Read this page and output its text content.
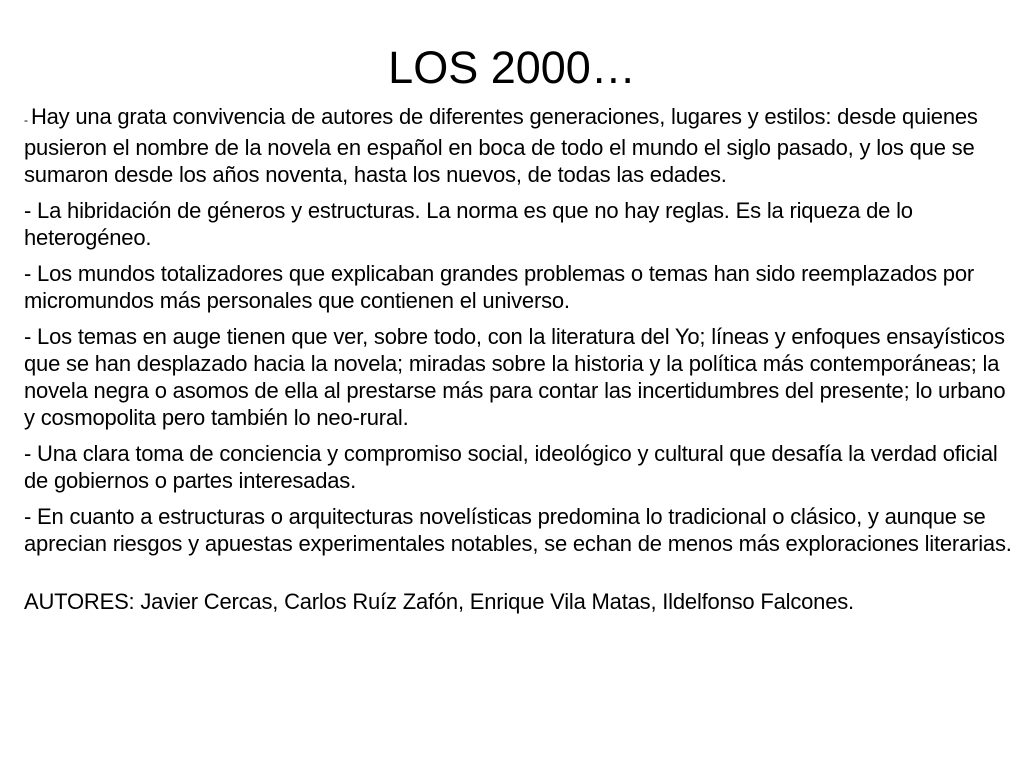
LOS 2000…

- Hay una grata convivencia de autores de diferentes generaciones, lugares y estilos: desde quienes pusieron el nombre de la novela en español en boca de todo el mundo el siglo pasado, y los que se sumaron desde los años noventa, hasta los nuevos, de todas las edades.

- La hibridación de géneros y estructuras. La norma es que no hay reglas. Es la riqueza de lo heterogéneo.

- Los mundos totalizadores que explicaban grandes problemas o temas han sido reemplazados por micromundos más personales que contienen el universo.

- Los temas en auge tienen que ver, sobre todo, con la literatura del Yo; líneas y enfoques ensayísticos que se han desplazado hacia la novela; miradas sobre la historia y la política más contemporáneas; la novela negra o asomos de ella al prestarse más para contar las incertidumbres del presente; lo urbano y cosmopolita pero también lo neo-rural.

- Una clara toma de conciencia y compromiso social, ideológico y cultural que desafía la verdad oficial de gobiernos o partes interesadas.

- En cuanto a estructuras o arquitecturas novelísticas predomina lo tradicional o clásico, y aunque se aprecian riesgos y apuestas experimentales notables, se echan de menos más exploraciones literarias.

AUTORES: Javier Cercas, Carlos Ruíz Zafón, Enrique Vila Matas, Ildelfonso Falcones.
